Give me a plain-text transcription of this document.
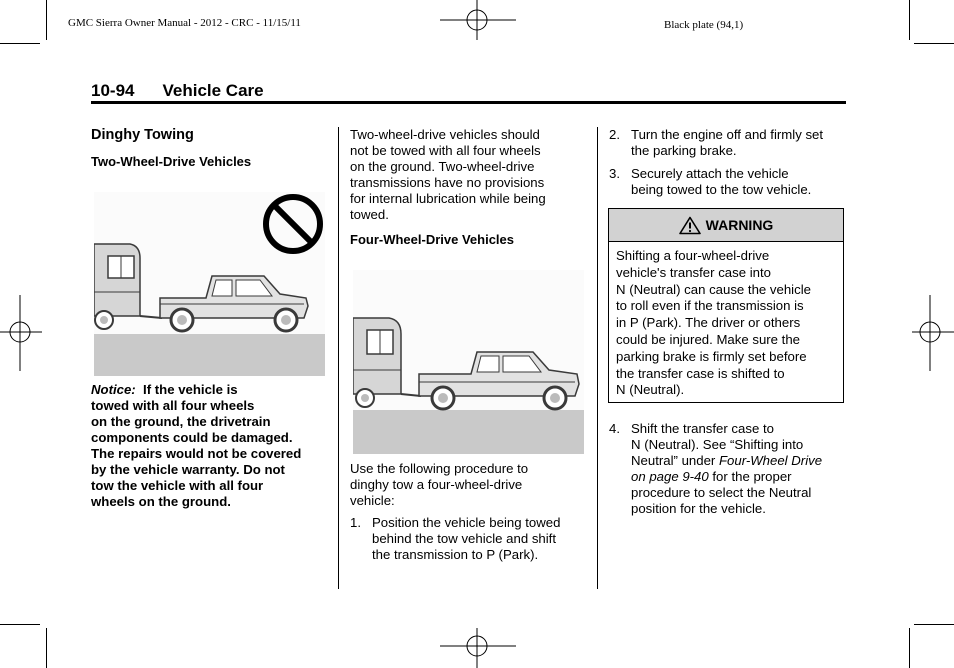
GMC Sierra Owner Manual - 2012 - CRC - 11/15/11	Black plate (94,1)
10-94 Vehicle Care
Dinghy Towing
Two-Wheel-Drive Vehicles
Notice: If the vehicle is
towed with all four wheels
on the ground, the drivetrain
components could be damaged.
The repairs would not be covered
by the vehicle warranty. Do not
tow the vehicle with all four
wheels on the ground.
Two-wheel-drive vehicles should
not be towed with all four wheels
on the ground. Two-wheel-drive
transmissions have no provisions
for internal lubrication while being
towed.
Four-Wheel-Drive Vehicles
Use the following procedure to
dinghy tow a four-wheel-drive
vehicle:
1. Position the vehicle being towed
behind the tow vehicle and shift
the transmission to P (Park).
2. Turn the engine off and firmly set
the parking brake.
3. Securely attach the vehicle
being towed to the tow vehicle.
WARNING
Shifting a four-wheel-drive
vehicle's transfer case into
N (Neutral) can cause the vehicle
to roll even if the transmission is
in P (Park). The driver or others
could be injured. Make sure the
parking brake is firmly set before
the transfer case is shifted to
N (Neutral).
4. Shift the transfer case to
N (Neutral). See “Shifting into
Neutral” under Four-Wheel Drive
on page 9-40 for the proper
procedure to select the Neutral
position for the vehicle.
